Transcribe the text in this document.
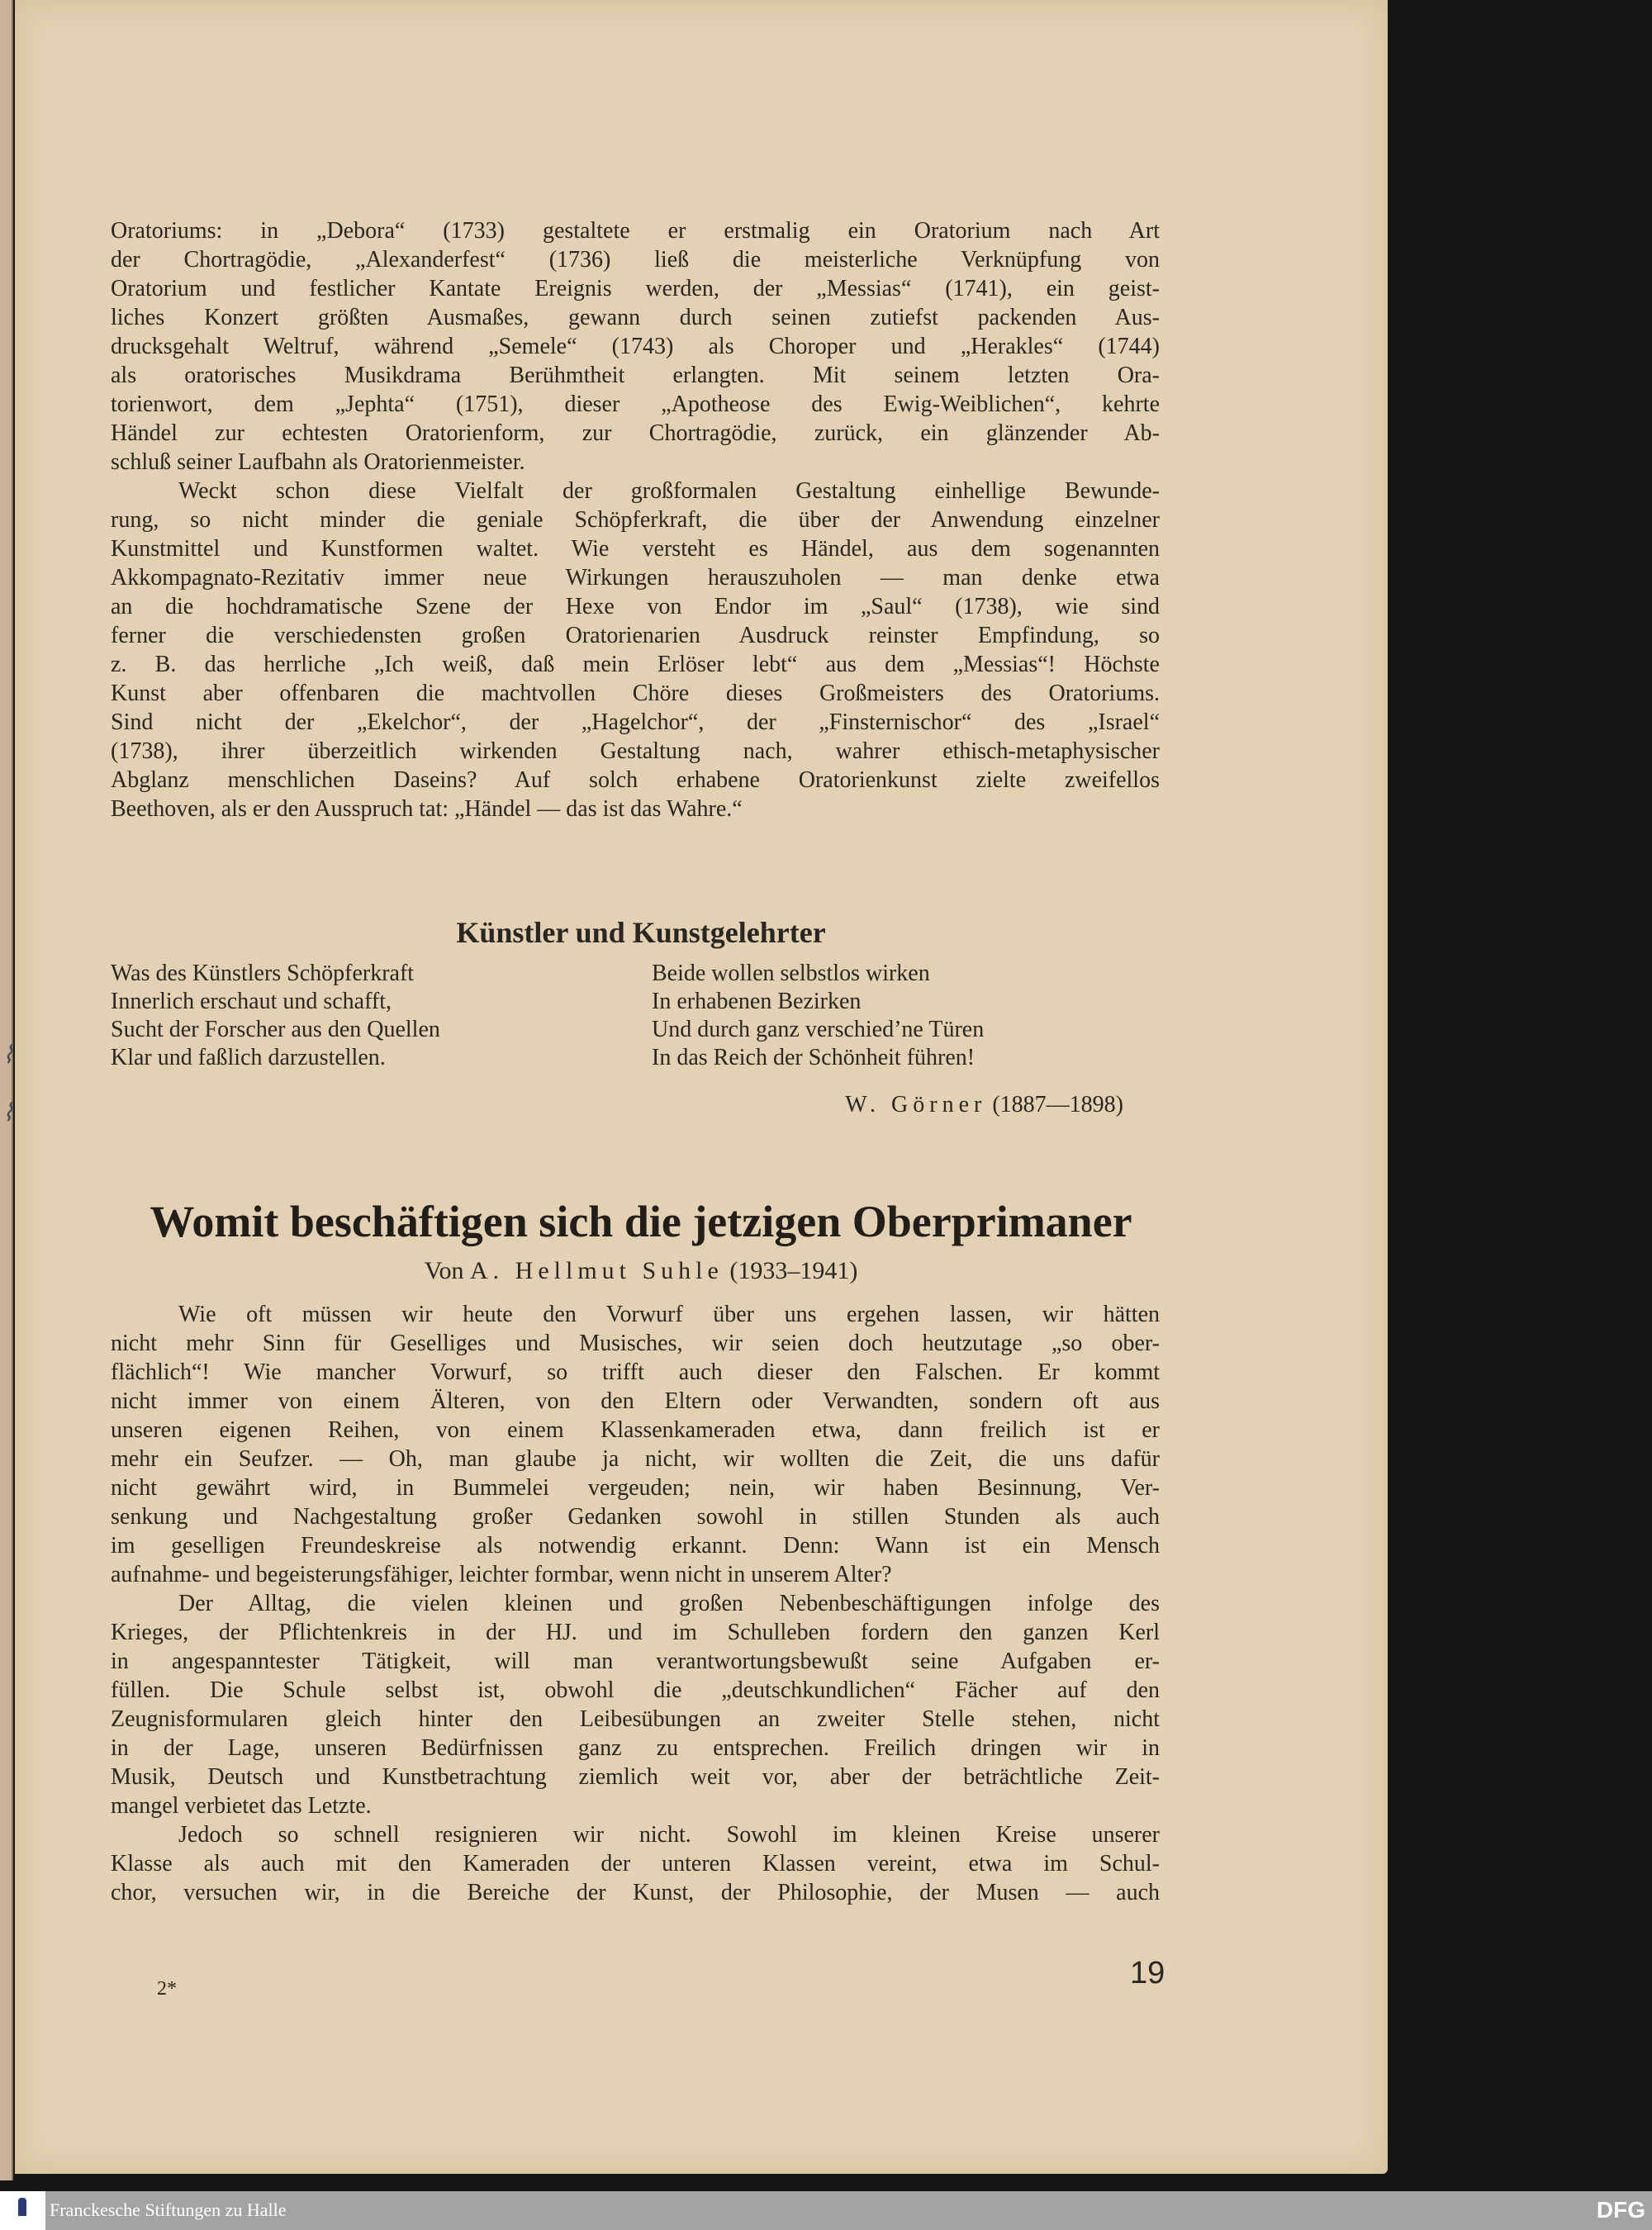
Oratoriums: in „Debora“ (1733) gestaltete er erstmalig ein Oratorium nach Art
der Chortragödie, „Alexanderfest“ (1736) ließ die meisterliche Verknüpfung von
Oratorium und festlicher Kantate Ereignis werden, der „Messias“ (1741), ein geist-
liches Konzert größten Ausmaßes, gewann durch seinen zutiefst packenden Aus-
drucksgehalt Weltruf, während „Semele“ (1743) als Choroper und „Herakles“ (1744)
als oratorisches Musikdrama Berühmtheit erlangten. Mit seinem letzten Ora-
torienwort, dem „Jephta“ (1751), dieser „Apotheose des Ewig-Weiblichen“, kehrte
Händel zur echtesten Oratorienform, zur Chortragödie, zurück, ein glänzender Ab-
schluß seiner Laufbahn als Oratorienmeister.
Weckt schon diese Vielfalt der großformalen Gestaltung einhellige Bewunde-
rung, so nicht minder die geniale Schöpferkraft, die über der Anwendung einzelner
Kunstmittel und Kunstformen waltet. Wie versteht es Händel, aus dem sogenannten
Akkompagnato-Rezitativ immer neue Wirkungen herauszuholen — man denke etwa
an die hochdramatische Szene der Hexe von Endor im „Saul“ (1738), wie sind
ferner die verschiedensten großen Oratorienarien Ausdruck reinster Empfindung, so
z. B. das herrliche „Ich weiß, daß mein Erlöser lebt“ aus dem „Messias“! Höchste
Kunst aber offenbaren die machtvollen Chöre dieses Großmeisters des Oratoriums.
Sind nicht der „Ekelchor“, der „Hagelchor“, der „Finsternischor“ des „Israel“
(1738), ihrer überzeitlich wirkenden Gestaltung nach, wahrer ethisch-metaphysischer
Abglanz menschlichen Daseins? Auf solch erhabene Oratorienkunst zielte zweifellos
Beethoven, als er den Ausspruch tat: „Händel — das ist das Wahre.“
Künstler und Kunstgelehrter
Was des Künstlers Schöpferkraft
Innerlich erschaut und schafft,
Sucht der Forscher aus den Quellen
Klar und faßlich darzustellen.
Beide wollen selbstlos wirken
In erhabenen Bezirken
Und durch ganz verschied’ne Türen
In das Reich der Schönheit führen!
W. Görner (1887—1898)
Womit beschäftigen sich die jetzigen Oberprimaner
Von A. Hellmut Suhle (1933–1941)
Wie oft müssen wir heute den Vorwurf über uns ergehen lassen, wir hätten
nicht mehr Sinn für Geselliges und Musisches, wir seien doch heutzutage „so ober-
flächlich“! Wie mancher Vorwurf, so trifft auch dieser den Falschen. Er kommt
nicht immer von einem Älteren, von den Eltern oder Verwandten, sondern oft aus
unseren eigenen Reihen, von einem Klassenkameraden etwa, dann freilich ist er
mehr ein Seufzer. — Oh, man glaube ja nicht, wir wollten die Zeit, die uns dafür
nicht gewährt wird, in Bummelei vergeuden; nein, wir haben Besinnung, Ver-
senkung und Nachgestaltung großer Gedanken sowohl in stillen Stunden als auch
im geselligen Freundeskreise als notwendig erkannt. Denn: Wann ist ein Mensch
aufnahme- und begeisterungsfähiger, leichter formbar, wenn nicht in unserem Alter?
Der Alltag, die vielen kleinen und großen Nebenbeschäftigungen infolge des
Krieges, der Pflichtenkreis in der HJ. und im Schulleben fordern den ganzen Kerl
in angespanntester Tätigkeit, will man verantwortungsbewußt seine Aufgaben er-
füllen. Die Schule selbst ist, obwohl die „deutschkundlichen“ Fächer auf den
Zeugnisformularen gleich hinter den Leibesübungen an zweiter Stelle stehen, nicht
in der Lage, unseren Bedürfnissen ganz zu entsprechen. Freilich dringen wir in
Musik, Deutsch und Kunstbetrachtung ziemlich weit vor, aber der beträchtliche Zeit-
mangel verbietet das Letzte.
Jedoch so schnell resignieren wir nicht. Sowohl im kleinen Kreise unserer
Klasse als auch mit den Kameraden der unteren Klassen vereint, etwa im Schul-
chor, versuchen wir, in die Bereiche der Kunst, der Philosophie, der Musen — auch
2*	19
⌇
⌇
Franckesche Stiftungen zu Halle	DFG
